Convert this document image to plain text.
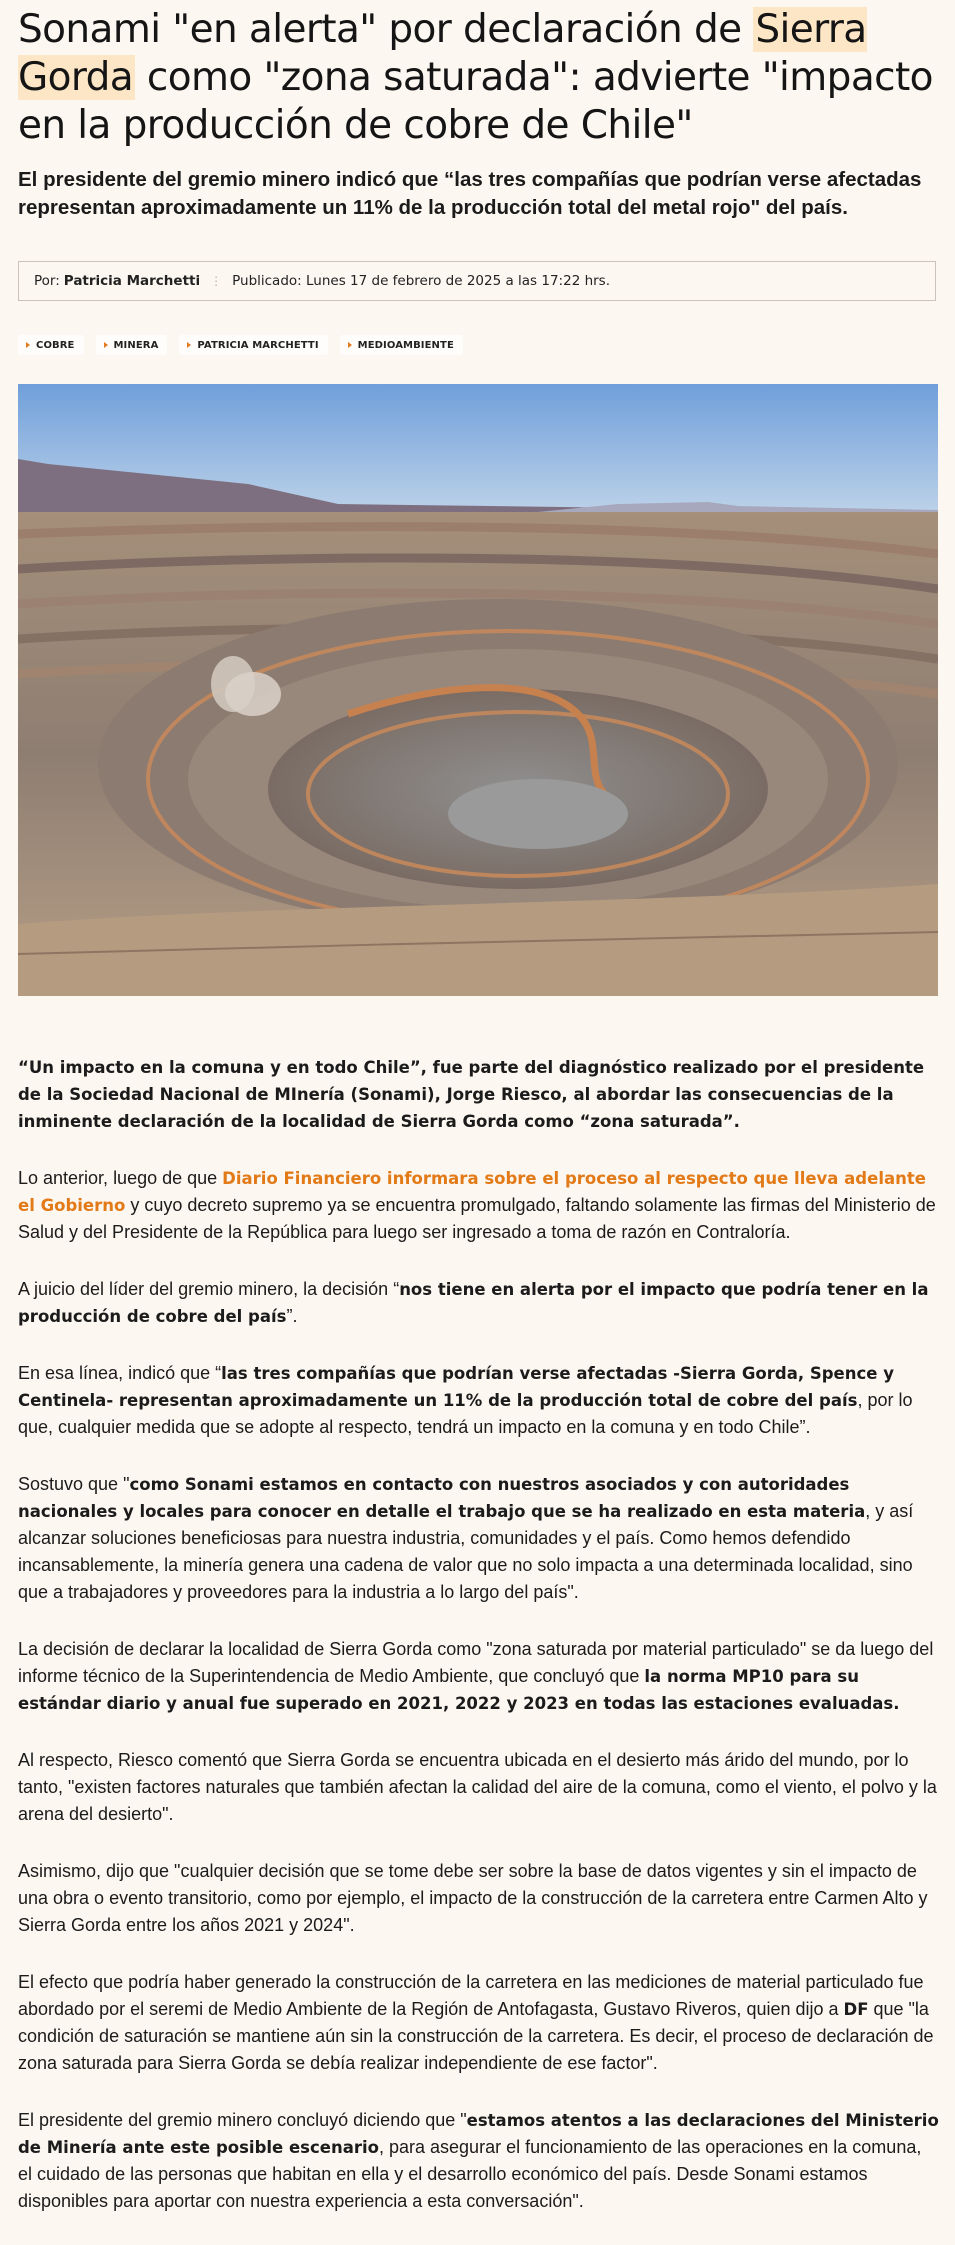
Sonami "en alerta" por declaración de Sierra Gorda como "zona saturada": advierte "impacto en la producción de cobre de Chile"

El presidente del gremio minero indicó que “las tres compañías que podrían verse afectadas representan aproximadamente un 11% de la producción total del metal rojo" del país.

Por: Patricia Marchetti ⋮ Publicado: Lunes 17 de febrero de 2025 a las 17:22 hrs.
COBRE	MINERA	PATRICIA MARCHETTI	MEDIOAMBIENTE

“Un impacto en la comuna y en todo Chile”, fue parte del diagnóstico realizado por el presidente de la Sociedad Nacional de MInería (Sonami), Jorge Riesco, al abordar las consecuencias de la inminente declaración de la localidad de Sierra Gorda como “zona saturada”.

Lo anterior, luego de que Diario Financiero informara sobre el proceso al respecto que lleva adelante el Gobierno y cuyo decreto supremo ya se encuentra promulgado, faltando solamente las firmas del Ministerio de Salud y del Presidente de la República para luego ser ingresado a toma de razón en Contraloría.

A juicio del líder del gremio minero, la decisión “nos tiene en alerta por el impacto que podría tener en la producción de cobre del país”.

En esa línea, indicó que “las tres compañías que podrían verse afectadas -Sierra Gorda, Spence y Centinela- representan aproximadamente un 11% de la producción total de cobre del país, por lo que, cualquier medida que se adopte al respecto, tendrá un impacto en la comuna y en todo Chile”.

Sostuvo que "como Sonami estamos en contacto con nuestros asociados y con autoridades nacionales y locales para conocer en detalle el trabajo que se ha realizado en esta materia, y así alcanzar soluciones beneficiosas para nuestra industria, comunidades y el país. Como hemos defendido incansablemente, la minería genera una cadena de valor que no solo impacta a una determinada localidad, sino que a trabajadores y proveedores para la industria a lo largo del país".

La decisión de declarar la localidad de Sierra Gorda como "zona saturada por material particulado" se da luego del informe técnico de la Superintendencia de Medio Ambiente, que concluyó que la norma MP10 para su estándar diario y anual fue superado en 2021, 2022 y 2023 en todas las estaciones evaluadas.

Al respecto, Riesco comentó que Sierra Gorda se encuentra ubicada en el desierto más árido del mundo, por lo tanto, "existen factores naturales que también afectan la calidad del aire de la comuna, como el viento, el polvo y la arena del desierto".

Asimismo, dijo que "cualquier decisión que se tome debe ser sobre la base de datos vigentes y sin el impacto de una obra o evento transitorio, como por ejemplo, el impacto de la construcción de la carretera entre Carmen Alto y Sierra Gorda entre los años 2021 y 2024".

El efecto que podría haber generado la construcción de la carretera en las mediciones de material particulado fue abordado por el seremi de Medio Ambiente de la Región de Antofagasta, Gustavo Riveros, quien dijo a DF que "la condición de saturación se mantiene aún sin la construcción de la carretera. Es decir, el proceso de declaración de zona saturada para Sierra Gorda se debía realizar independiente de ese factor".

El presidente del gremio minero concluyó diciendo que "estamos atentos a las declaraciones del Ministerio de Minería ante este posible escenario, para asegurar el funcionamiento de las operaciones en la comuna, el cuidado de las personas que habitan en ella y el desarrollo económico del país. Desde Sonami estamos disponibles para aportar con nuestra experiencia a esta conversación".
